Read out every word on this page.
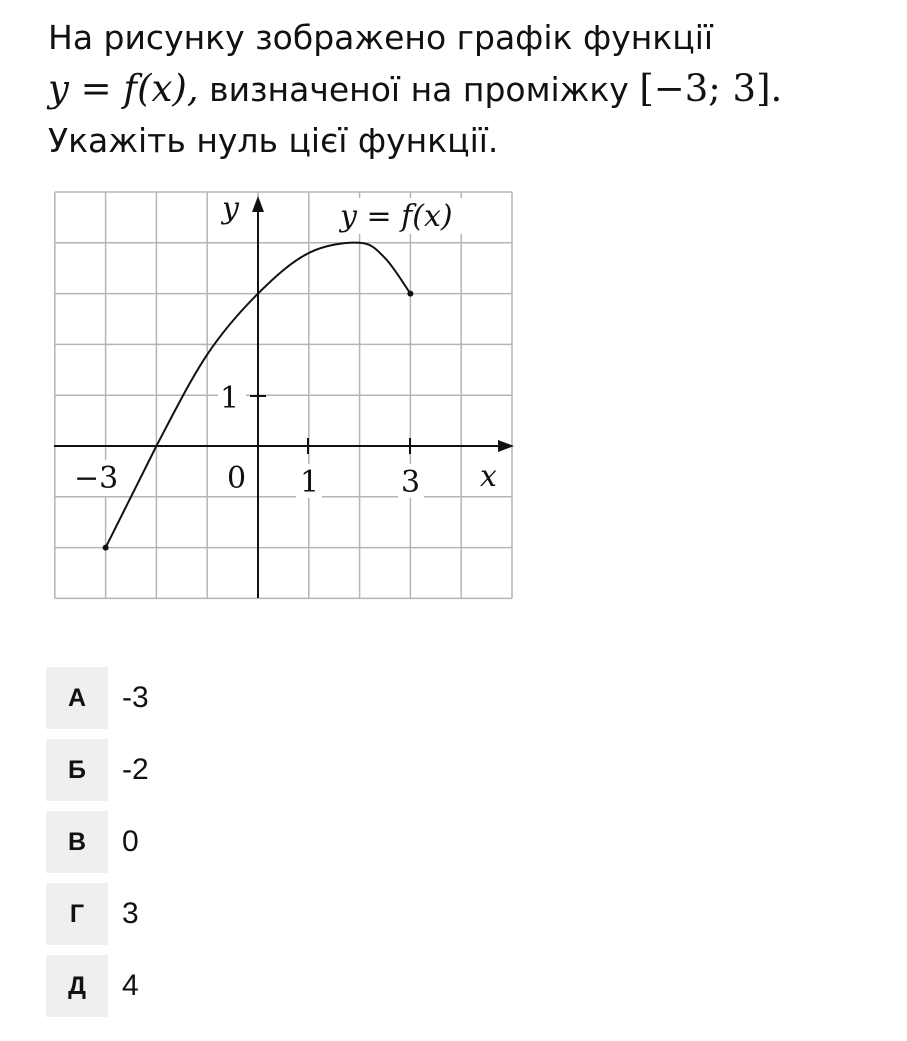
На рисунку зображено графік функції
y = f(x), визначеної на проміжку [−3; 3].
Укажіть нуль цієї функції.
−3	0 1	3 x
1
y	y = f(x)
А	-3
Б	-2
В	0
Г	3
Д	4
